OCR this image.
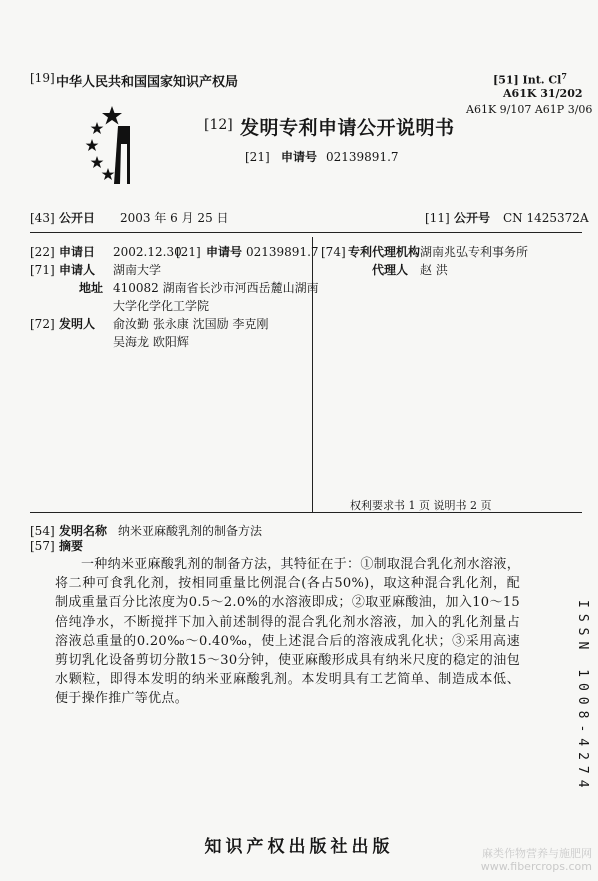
[19] 中华人民共和国国家知识产权局	[51] Int. Cl$^7$
A61K 31/202
A61K 9/107 A61P 3/06
[12] 发明专利申请公开说明书
[21] 申请号 02139891.7
[43] 公开日 2003 年 6 月 25 日	[11] 公开号 CN 1425372A
[22] 申请日 2002.12.30
[21] 申请号 02139891.7
[71] 申请人 湖南大学
地址 410082 湖南省长沙市河西岳麓山湖南
大学化学化工学院
[72] 发明人 俞汝勤 张永康 沈国励 李克刚
吴海龙 欧阳辉
[74] 专利代理机构 湖南兆弘专利事务所
代理人 赵 洪
权利要求书 1 页 说明书 2 页
[54] 发明名称 纳米亚麻酸乳剂的制备方法
[57] 摘要
一种纳米亚麻酸乳剂的制备方法，其特征在于：①制取混合乳化剂水溶液，将二种可食乳化剂，按相同重量比例混合(各占50%)，取这种混合乳化剂，配制成重量百分比浓度为0.5～2.0%的水溶液即成；②取亚麻酸油，加入10～15倍纯净水，不断搅拌下加入前述制得的混合乳化剂水溶液，加入的乳化剂量占溶液总重量的0.20‰～0.40‰，使上述混合后的溶液成乳化状；③采用高速剪切乳化设备剪切分散15～30分钟，使亚麻酸形成具有纳米尺度的稳定的油包水颗粒，即得本发明的纳米亚麻酸乳剂。本发明具有工艺简单、制造成本低、便于操作推广等优点。	ISSN 1008-4274
知识产权出版社出版	麻类作物营养与施肥网
www.fibercrops.com
